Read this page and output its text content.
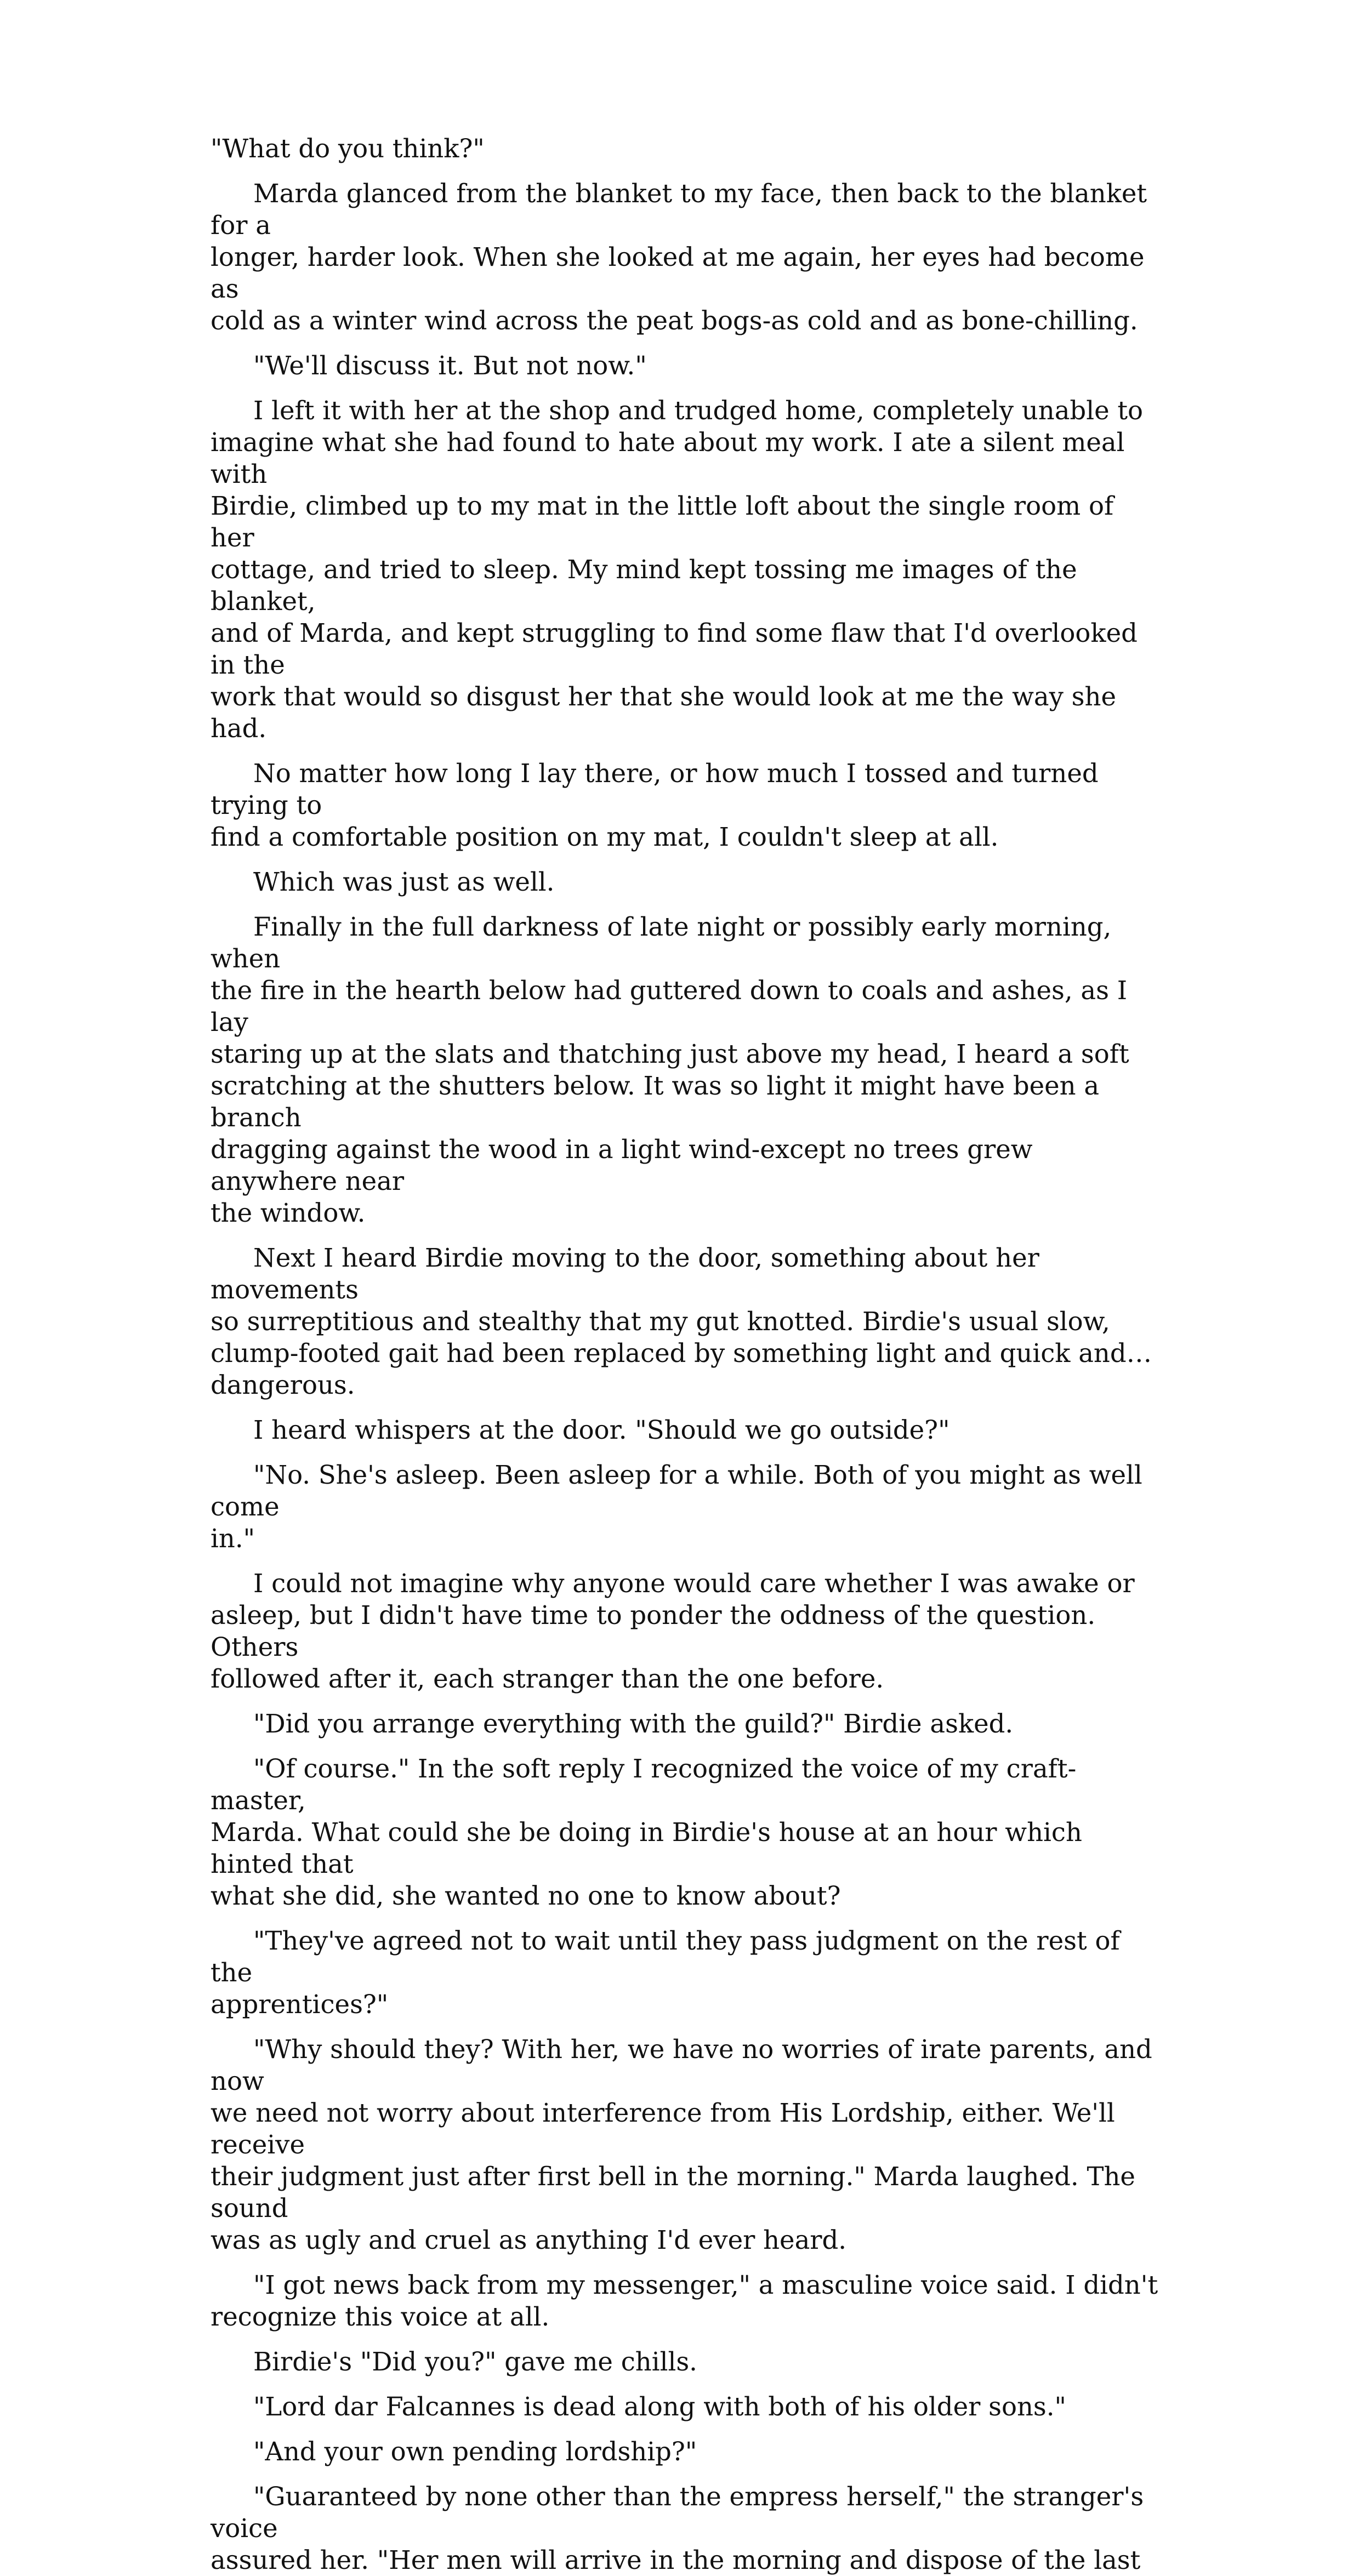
"What do you think?"

Marda glanced from the blanket to my face, then back to the blanket for a
longer, harder look. When she looked at me again, her eyes had become as
cold as a winter wind across the peat bogs-as cold and as bone-chilling.

"We'll discuss it. But not now."

I left it with her at the shop and trudged home, completely unable to
imagine what she had found to hate about my work. I ate a silent meal with
Birdie, climbed up to my mat in the little loft about the single room of her
cottage, and tried to sleep. My mind kept tossing me images of the blanket,
and of Marda, and kept struggling to find some flaw that I'd overlooked in the
work that would so disgust her that she would look at me the way she had.

No matter how long I lay there, or how much I tossed and turned trying to
find a comfortable position on my mat, I couldn't sleep at all.

Which was just as well.

Finally in the full darkness of late night or possibly early morning, when
the fire in the hearth below had guttered down to coals and ashes, as I lay
staring up at the slats and thatching just above my head, I heard a soft
scratching at the shutters below. It was so light it might have been a branch
dragging against the wood in a light wind-except no trees grew anywhere near
the window.

Next I heard Birdie moving to the door, something about her movements
so surreptitious and stealthy that my gut knotted. Birdie's usual slow,
clump-footed gait had been replaced by something light and quick and…
dangerous.

I heard whispers at the door. "Should we go outside?"

"No. She's asleep. Been asleep for a while. Both of you might as well come
in."

I could not imagine why anyone would care whether I was awake or
asleep, but I didn't have time to ponder the oddness of the question. Others
followed after it, each stranger than the one before.

"Did you arrange everything with the guild?" Birdie asked.

"Of course." In the soft reply I recognized the voice of my craft-master,
Marda. What could she be doing in Birdie's house at an hour which hinted that
what she did, she wanted no one to know about?

"They've agreed not to wait until they pass judgment on the rest of the
apprentices?"

"Why should they? With her, we have no worries of irate parents, and now
we need not worry about interference from His Lordship, either. We'll receive
their judgment just after first bell in the morning." Marda laughed. The sound
was as ugly and cruel as anything I'd ever heard.

"I got news back from my messenger," a masculine voice said. I didn't
recognize this voice at all.

Birdie's "Did you?" gave me chills.

"Lord dar Falcannes is dead along with both of his older sons."

"And your own pending lordship?"

"Guaranteed by none other than the empress herself," the stranger's voice
assured her. "Her men will arrive in the morning and dispose of the last
